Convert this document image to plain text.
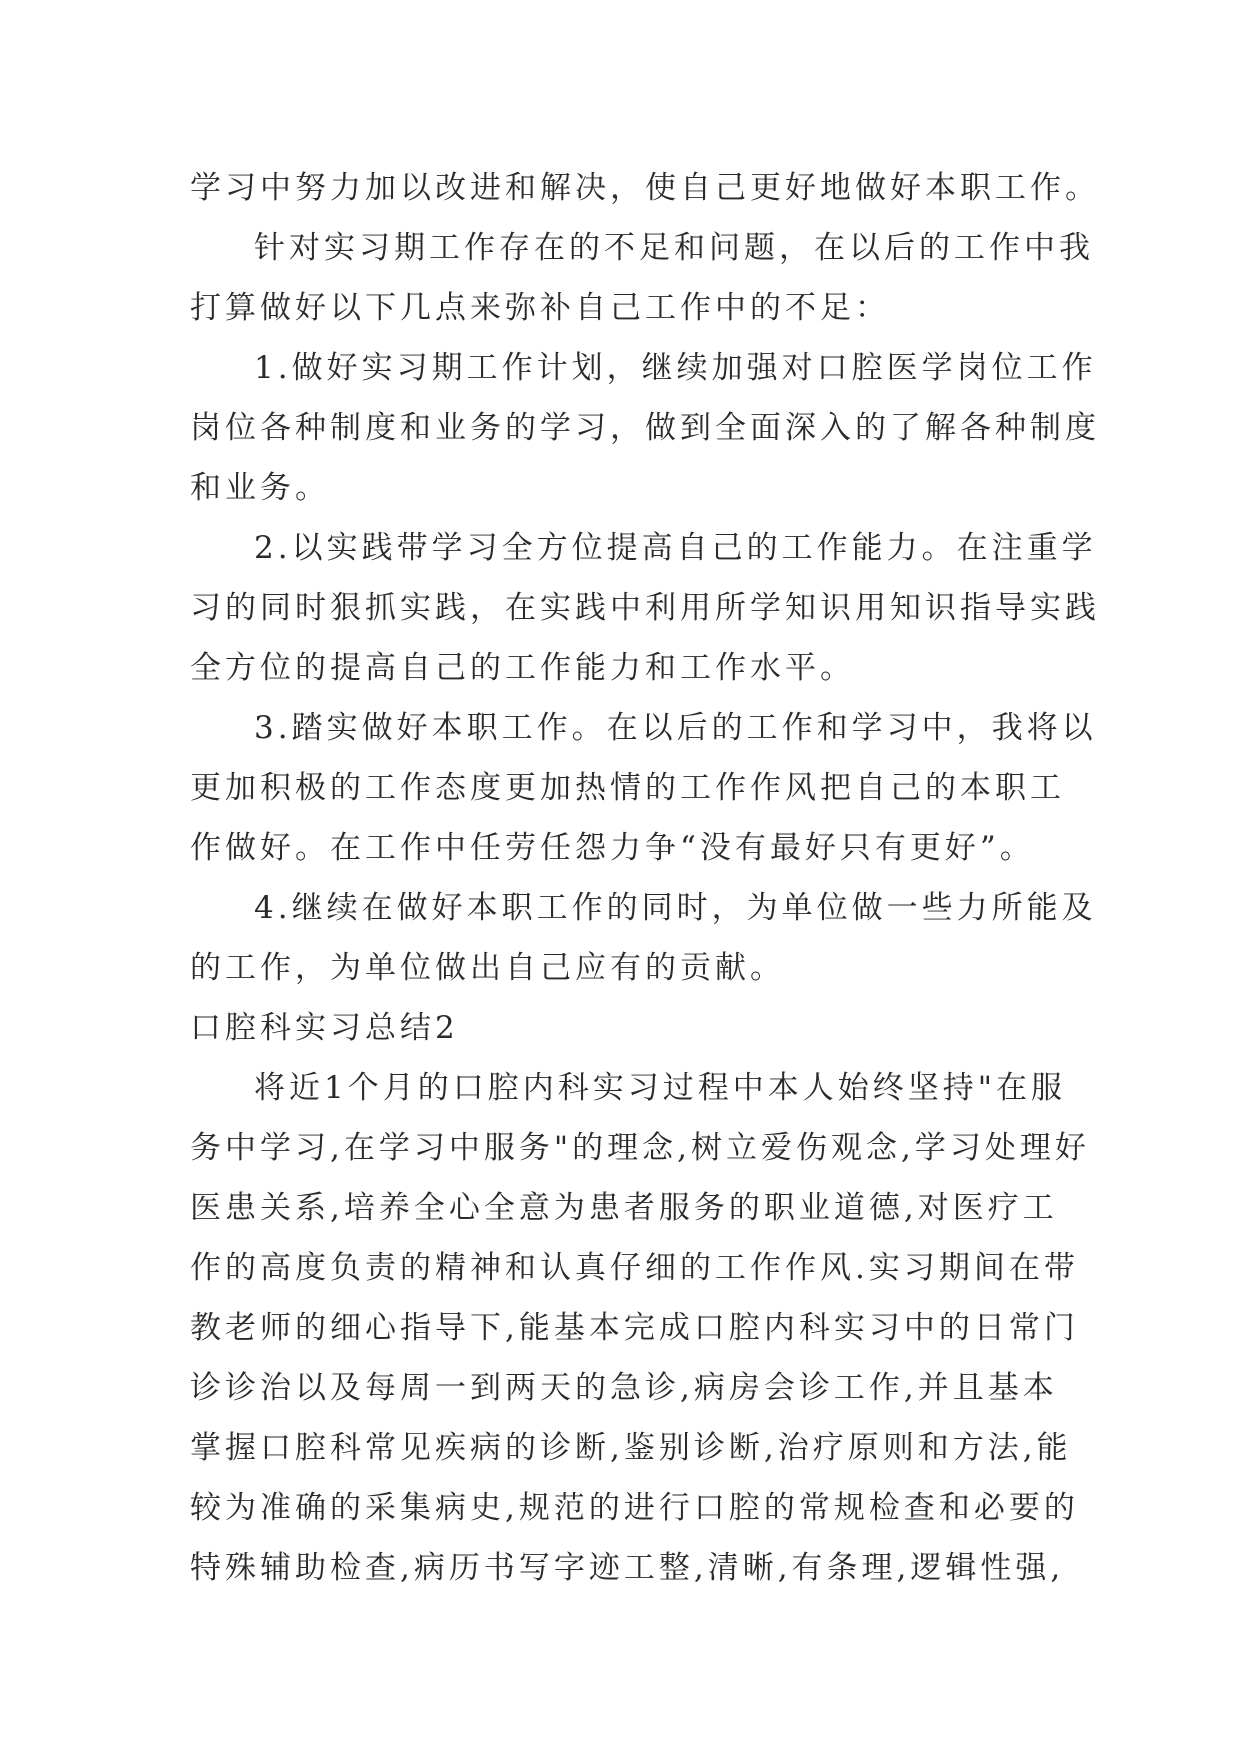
学习中努力加以改进和解决，使自己更好地做好本职工作。
针对实习期工作存在的不足和问题，在以后的工作中我
打算做好以下几点来弥补自己工作中的不足：
1.做好实习期工作计划，继续加强对口腔医学岗位工作
岗位各种制度和业务的学习，做到全面深入的了解各种制度
和业务。
2.以实践带学习全方位提高自己的工作能力。在注重学
习的同时狠抓实践，在实践中利用所学知识用知识指导实践
全方位的提高自己的工作能力和工作水平。
3.踏实做好本职工作。在以后的工作和学习中，我将以
更加积极的工作态度更加热情的工作作风把自己的本职工
作做好。在工作中任劳任怨力争“没有最好只有更好”。
4.继续在做好本职工作的同时，为单位做一些力所能及
的工作，为单位做出自己应有的贡献。
口腔科实习总结2
将近1个月的口腔内科实习过程中本人始终坚持"在服
务中学习,在学习中服务"的理念,树立爱伤观念,学习处理好
医患关系,培养全心全意为患者服务的职业道德,对医疗工
作的高度负责的精神和认真仔细的工作作风.实习期间在带
教老师的细心指导下,能基本完成口腔内科实习中的日常门
诊诊治以及每周一到两天的急诊,病房会诊工作,并且基本
掌握口腔科常见疾病的诊断,鉴别诊断,治疗原则和方法,能
较为准确的采集病史,规范的进行口腔的常规检查和必要的
特殊辅助检查,病历书写字迹工整,清晰,有条理,逻辑性强,
